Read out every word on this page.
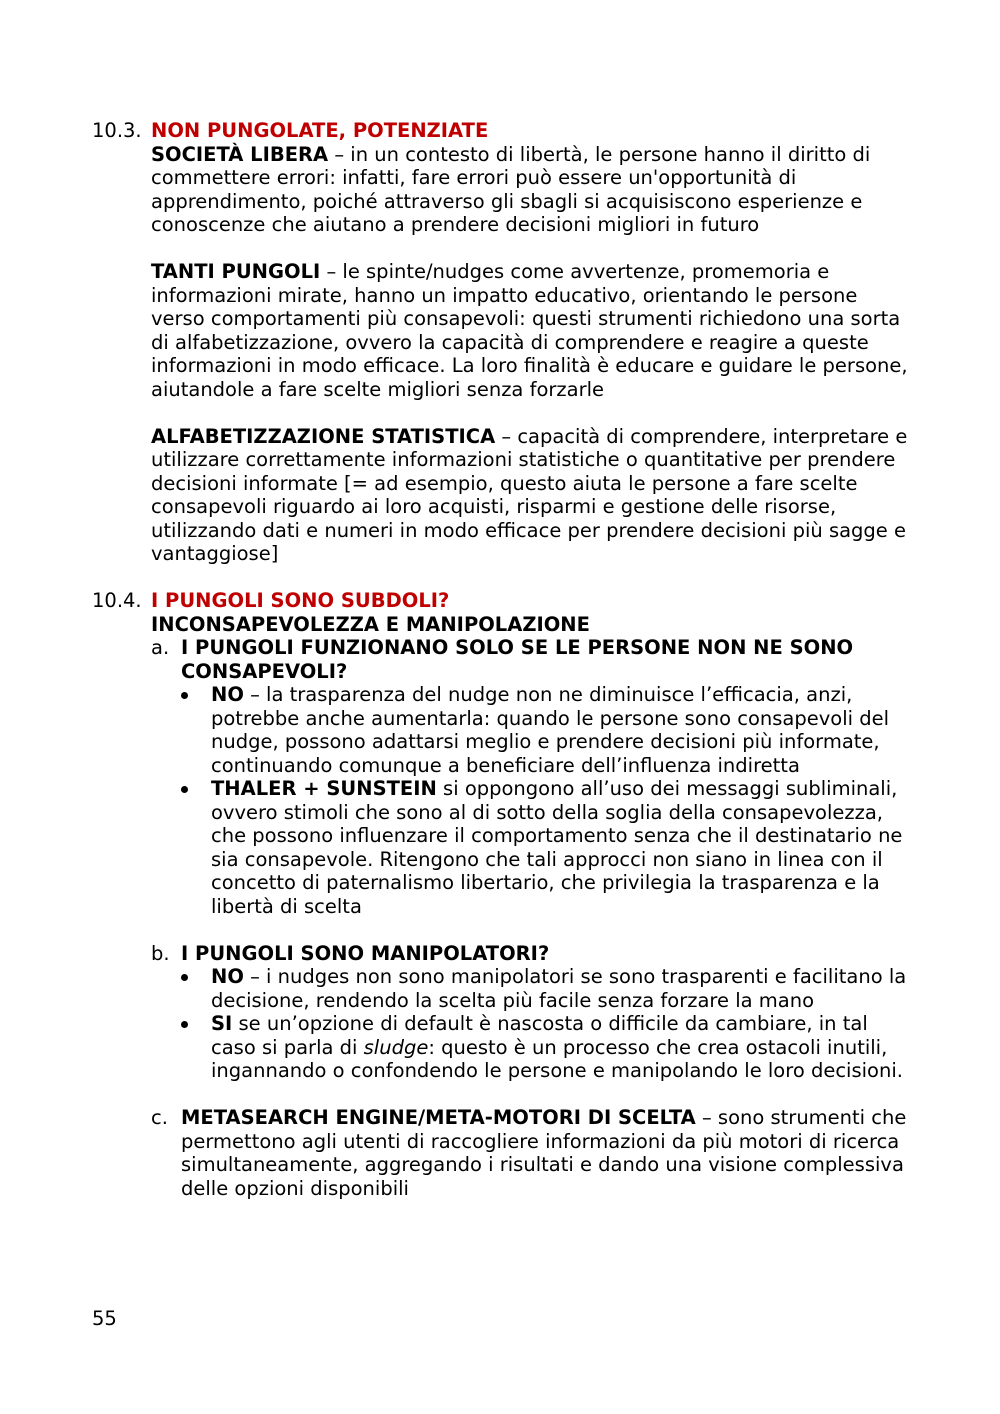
10.3. NON PUNGOLATE, POTENZIATE

SOCIETÀ LIBERA – in un contesto di libertà, le persone hanno il diritto di commettere errori: infatti, fare errori può essere un'opportunità di apprendimento, poiché attraverso gli sbagli si acquisiscono esperienze e conoscenze che aiutano a prendere decisioni migliori in futuro

TANTI PUNGOLI – le spinte/nudges come avvertenze, promemoria e informazioni mirate, hanno un impatto educativo, orientando le persone verso comportamenti più consapevoli: questi strumenti richiedono una sorta di alfabetizzazione, ovvero la capacità di comprendere e reagire a queste informazioni in modo efficace. La loro finalità è educare e guidare le persone, aiutandole a fare scelte migliori senza forzarle

ALFABETIZZAZIONE STATISTICA – capacità di comprendere, interpretare e utilizzare correttamente informazioni statistiche o quantitative per prendere decisioni informate [= ad esempio, questo aiuta le persone a fare scelte consapevoli riguardo ai loro acquisti, risparmi e gestione delle risorse, utilizzando dati e numeri in modo efficace per prendere decisioni più sagge e vantaggiose]

10.4. I PUNGOLI SONO SUBDOLI?

INCONSAPEVOLEZZA E MANIPOLAZIONE

a. I PUNGOLI FUNZIONANO SOLO SE LE PERSONE NON NE SONO CONSAPEVOLI?

NO – la trasparenza del nudge non ne diminuisce l’efficacia, anzi, potrebbe anche aumentarla: quando le persone sono consapevoli del nudge, possono adattarsi meglio e prendere decisioni più informate, continuando comunque a beneficiare dell’influenza indiretta
THALER + SUNSTEIN si oppongono all’uso dei messaggi subliminali, ovvero stimoli che sono al di sotto della soglia della consapevolezza, che possono influenzare il comportamento senza che il destinatario ne sia consapevole. Ritengono che tali approcci non siano in linea con il concetto di paternalismo libertario, che privilegia la trasparenza e la libertà di scelta
b. I PUNGOLI SONO MANIPOLATORI?

NO – i nudges non sono manipolatori se sono trasparenti e facilitano la decisione, rendendo la scelta più facile senza forzare la mano
SI se un’opzione di default è nascosta o difficile da cambiare, in tal caso si parla di sludge: questo è un processo che crea ostacoli inutili, ingannando o confondendo le persone e manipolando le loro decisioni.
c. METASEARCH ENGINE/META-MOTORI DI SCELTA – sono strumenti che permettono agli utenti di raccogliere informazioni da più motori di ricerca simultaneamente, aggregando i risultati e dando una visione complessiva delle opzioni disponibili

55
